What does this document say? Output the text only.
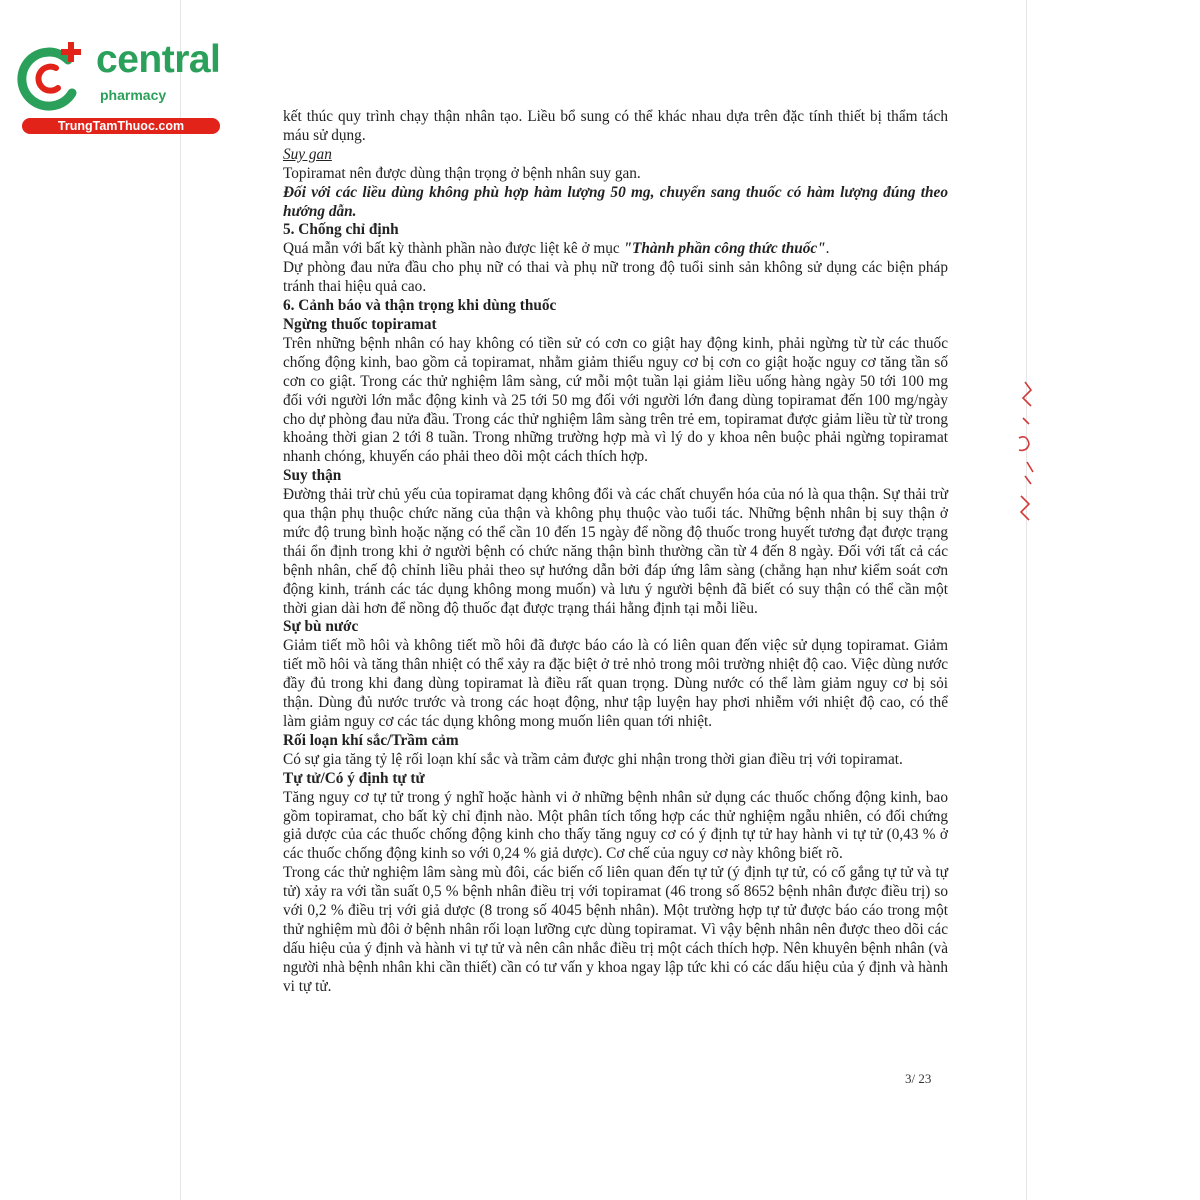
central
pharmacy
TrungTamThuoc.com

kết thúc quy trình chạy thận nhân tạo. Liều bổ sung có thể khác nhau dựa trên đặc tính thiết bị thẩm tách máu sử dụng.

Suy gan

Topiramat nên được dùng thận trọng ở bệnh nhân suy gan.

Đối với các liều dùng không phù hợp hàm lượng 50 mg, chuyển sang thuốc có hàm lượng đúng theo hướng dẫn.

5. Chống chỉ định

Quá mẫn với bất kỳ thành phần nào được liệt kê ở mục "Thành phần công thức thuốc".

Dự phòng đau nửa đầu cho phụ nữ có thai và phụ nữ trong độ tuổi sinh sản không sử dụng các biện pháp tránh thai hiệu quả cao.

6. Cảnh báo và thận trọng khi dùng thuốc

Ngừng thuốc topiramat

Trên những bệnh nhân có hay không có tiền sử có cơn co giật hay động kinh, phải ngừng từ từ các thuốc chống động kinh, bao gồm cả topiramat, nhằm giảm thiểu nguy cơ bị cơn co giật hoặc nguy cơ tăng tần số cơn co giật. Trong các thử nghiệm lâm sàng, cứ mỗi một tuần lại giảm liều uống hàng ngày 50 tới 100 mg đối với người lớn mắc động kinh và 25 tới 50 mg đối với người lớn đang dùng topiramat đến 100 mg/ngày cho dự phòng đau nửa đầu. Trong các thử nghiệm lâm sàng trên trẻ em, topiramat được giảm liều từ từ trong khoảng thời gian 2 tới 8 tuần. Trong những trường hợp mà vì lý do y khoa nên buộc phải ngừng topiramat nhanh chóng, khuyến cáo phải theo dõi một cách thích hợp.

Suy thận

Đường thải trừ chủ yếu của topiramat dạng không đổi và các chất chuyển hóa của nó là qua thận. Sự thải trừ qua thận phụ thuộc chức năng của thận và không phụ thuộc vào tuổi tác. Những bệnh nhân bị suy thận ở mức độ trung bình hoặc nặng có thể cần 10 đến 15 ngày để nồng độ thuốc trong huyết tương đạt được trạng thái ổn định trong khi ở người bệnh có chức năng thận bình thường cần từ 4 đến 8 ngày. Đối với tất cả các bệnh nhân, chế độ chỉnh liều phải theo sự hướng dẫn bởi đáp ứng lâm sàng (chẳng hạn như kiểm soát cơn động kinh, tránh các tác dụng không mong muốn) và lưu ý người bệnh đã biết có suy thận có thể cần một thời gian dài hơn để nồng độ thuốc đạt được trạng thái hằng định tại mỗi liều.

Sự bù nước

Giảm tiết mồ hôi và không tiết mồ hôi đã được báo cáo là có liên quan đến việc sử dụng topiramat. Giảm tiết mồ hôi và tăng thân nhiệt có thể xảy ra đặc biệt ở trẻ nhỏ trong môi trường nhiệt độ cao. Việc dùng nước đầy đủ trong khi đang dùng topiramat là điều rất quan trọng. Dùng nước có thể làm giảm nguy cơ bị sỏi thận. Dùng đủ nước trước và trong các hoạt động, như tập luyện hay phơi nhiễm với nhiệt độ cao, có thể làm giảm nguy cơ các tác dụng không mong muốn liên quan tới nhiệt.

Rối loạn khí sắc/Trầm cảm

Có sự gia tăng tỷ lệ rối loạn khí sắc và trầm cảm được ghi nhận trong thời gian điều trị với topiramat.

Tự tử/Có ý định tự tử

Tăng nguy cơ tự tử trong ý nghĩ hoặc hành vi ở những bệnh nhân sử dụng các thuốc chống động kinh, bao gồm topiramat, cho bất kỳ chỉ định nào. Một phân tích tổng hợp các thử nghiệm ngẫu nhiên, có đối chứng giả dược của các thuốc chống động kinh cho thấy tăng nguy cơ có ý định tự tử hay hành vi tự tử (0,43 % ở các thuốc chống động kinh so với 0,24 % giả dược). Cơ chế của nguy cơ này không biết rõ.

Trong các thử nghiệm lâm sàng mù đôi, các biến cố liên quan đến tự tử (ý định tự tử, có cố gắng tự tử và tự tử) xảy ra với tần suất 0,5 % bệnh nhân điều trị với topiramat (46 trong số 8652 bệnh nhân được điều trị) so với 0,2 % điều trị với giả dược (8 trong số 4045 bệnh nhân). Một trường hợp tự tử được báo cáo trong một thử nghiệm mù đôi ở bệnh nhân rối loạn lưỡng cực dùng topiramat. Vì vậy bệnh nhân nên được theo dõi các dấu hiệu của ý định và hành vi tự tử và nên cân nhắc điều trị một cách thích hợp. Nên khuyên bệnh nhân (và người nhà bệnh nhân khi cần thiết) cần có tư vấn y khoa ngay lập tức khi có các dấu hiệu của ý định và hành vi tự tử.

3/ 23
